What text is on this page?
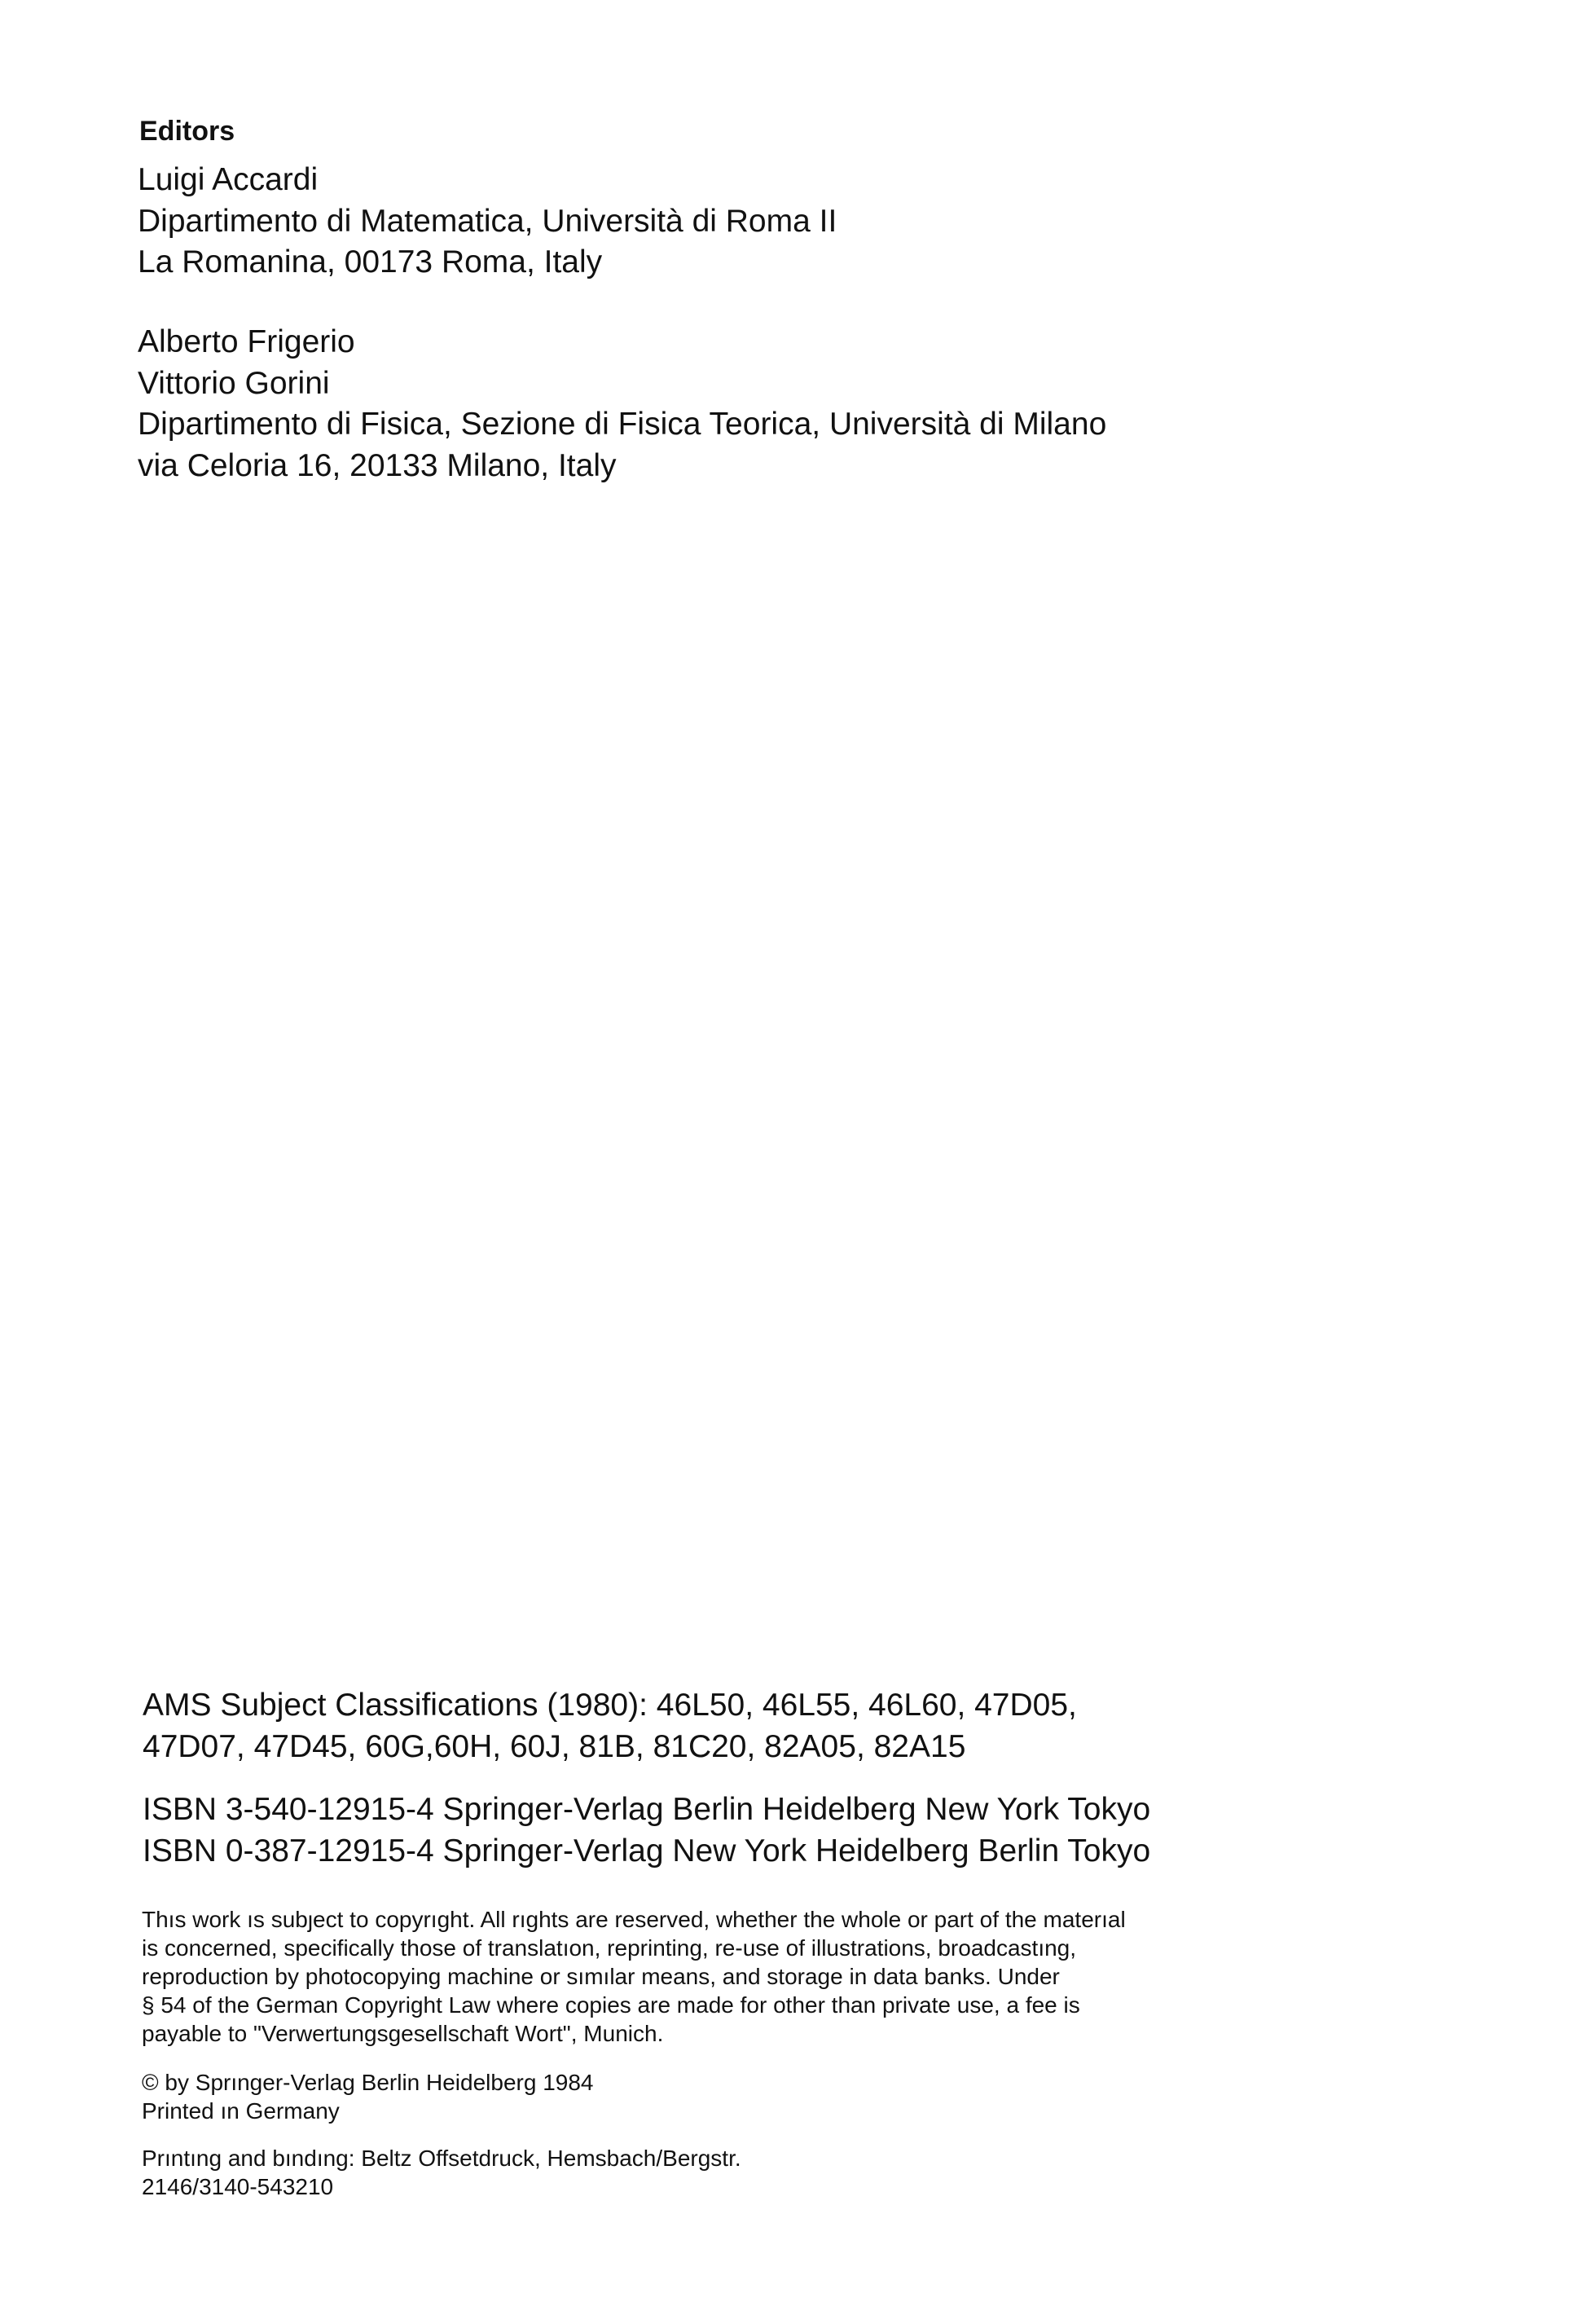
Editors
Luigi Accardi
Dipartimento di Matematica, Università di Roma II
La Romanina, 00173 Roma, Italy
Alberto Frigerio
Vittorio Gorini
Dipartimento di Fisica, Sezione di Fisica Teorica, Università di Milano
via Celoria 16, 20133 Milano, Italy
AMS Subject Classifications (1980): 46L50, 46L55, 46L60, 47D05,
47D07, 47D45, 60G,60H, 60J, 81B, 81C20, 82A05, 82A15
ISBN 3-540-12915-4 Springer-Verlag Berlin Heidelberg New York Tokyo
ISBN 0-387-12915-4 Springer-Verlag New York Heidelberg Berlin Tokyo
Thıs work ıs subȷect to copyrıght. All rıghts are reserved, whether the whole or part of the materıal
is concerned, specifically those of translatıon, reprinting, re-use of illustrations, broadcastıng,
reproduction by photocopying machine or sımılar means, and storage in data banks. Under
§ 54 of the German Copyright Law where copies are made for other than private use, a fee is
payable to "Verwertungsgesellschaft Wort", Munich.
© by Sprınger-Verlag Berlin Heidelberg 1984
Printed ın Germany
Prıntıng and bındıng: Beltz Offsetdruck, Hemsbach/Bergstr.
2146/3140-543210
